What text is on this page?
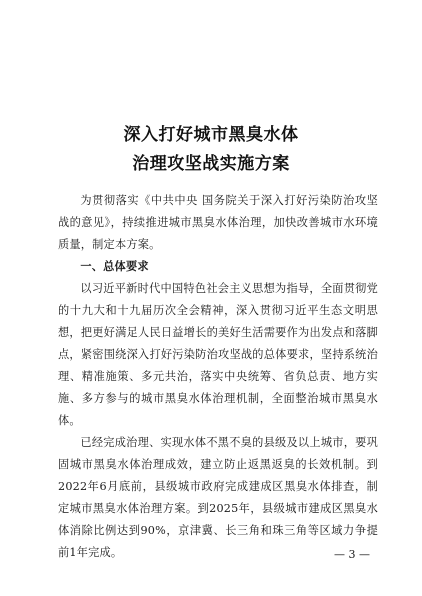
深入打好城市黑臭水体
治理攻坚战实施方案

为贯彻落实《中共中央 国务院关于深入打好污染防治攻坚战的意见》，持续推进城市黑臭水体治理，加快改善城市水环境质量，制定本方案。

一、总体要求

以习近平新时代中国特色社会主义思想为指导，全面贯彻党的十九大和十九届历次全会精神，深入贯彻习近平生态文明思想，把更好满足人民日益增长的美好生活需要作为出发点和落脚点，紧密围绕深入打好污染防治攻坚战的总体要求，坚持系统治理、精准施策、多元共治，落实中央统筹、省负总责、地方实施、多方参与的城市黑臭水体治理机制，全面整治城市黑臭水体。

已经完成治理、实现水体不黑不臭的县级及以上城市，要巩固城市黑臭水体治理成效，建立防止返黑返臭的长效机制。到2022年6月底前，县级城市政府完成建成区黑臭水体排查，制定城市黑臭水体治理方案。到2025年，县级城市建成区黑臭水体消除比例达到90%，京津冀、长三角和珠三角等区域力争提前1年完成。	— 3 —
